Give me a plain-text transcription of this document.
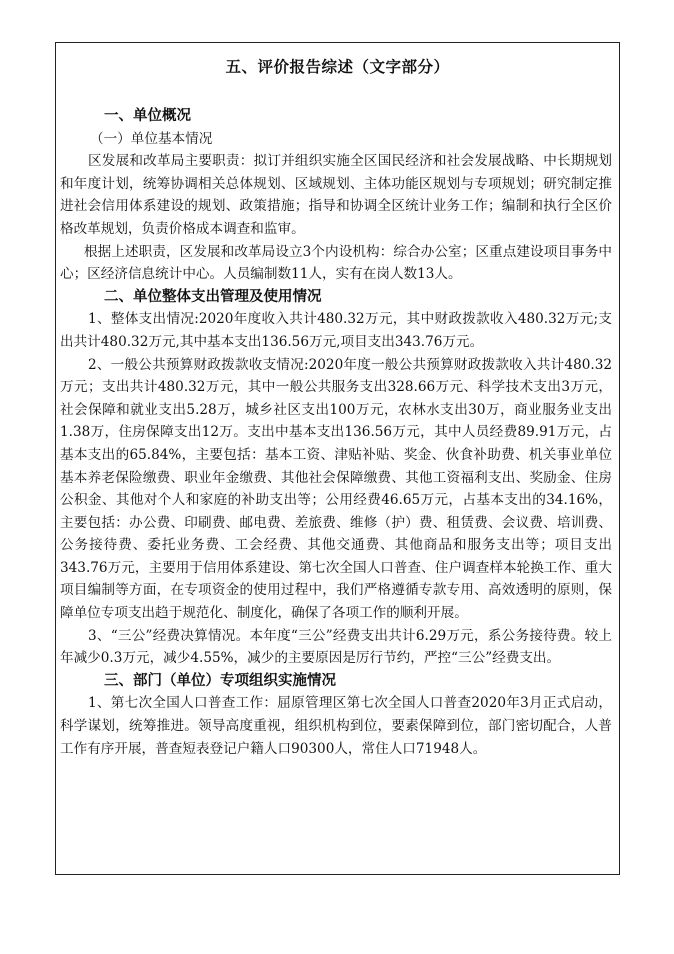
五、评价报告综述（文字部分）

一、单位概况

（一）单位基本情况

区发展和改革局主要职责：拟订并组织实施全区国民经济和社会发展战略、中长期规划和年度计划，统筹协调相关总体规划、区域规划、主体功能区规划与专项规划；研究制定推进社会信用体系建设的规划、政策措施；指导和协调全区统计业务工作；编制和执行全区价格改革规划，负责价格成本调查和监审。

根据上述职责，区发展和改革局设立3个内设机构：综合办公室；区重点建设项目事务中心；区经济信息统计中心。人员编制数11人，实有在岗人数13人。

二、单位整体支出管理及使用情况

1、整体支出情况:2020年度收入共计480.32万元，其中财政拨款收入480.32万元;支出共计480.32万元,其中基本支出136.56万元,项目支出343.76万元。

2、一般公共预算财政拨款收支情况:2020年度一般公共预算财政拨款收入共计480.32万元；支出共计480.32万元，其中一般公共服务支出328.66万元、科学技术支出3万元，社会保障和就业支出5.28万，城乡社区支出100万元，农林水支出30万，商业服务业支出1.38万，住房保障支出12万。支出中基本支出136.56万元，其中人员经费89.91万元，占基本支出的65.84%，主要包括：基本工资、津贴补贴、奖金、伙食补助费、机关事业单位基本养老保险缴费、职业年金缴费、其他社会保障缴费、其他工资福利支出、奖励金、住房公积金、其他对个人和家庭的补助支出等；公用经费46.65万元，占基本支出的34.16%，主要包括：办公费、印刷费、邮电费、差旅费、维修（护）费、租赁费、会议费、培训费、公务接待费、委托业务费、工会经费、其他交通费、其他商品和服务支出等；项目支出343.76万元，主要用于信用体系建设、第七次全国人口普查、住户调查样本轮换工作、重大项目编制等方面，在专项资金的使用过程中，我们严格遵循专款专用、高效透明的原则，保障单位专项支出趋于规范化、制度化，确保了各项工作的顺利开展。

3、“三公”经费决算情况。本年度“三公”经费支出共计6.29万元，系公务接待费。较上年减少0.3万元，减少4.55%，减少的主要原因是厉行节约，严控“三公”经费支出。

三、部门（单位）专项组织实施情况

1、第七次全国人口普查工作：屈原管理区第七次全国人口普查2020年3月正式启动，科学谋划，统筹推进。领导高度重视，组织机构到位，要素保障到位，部门密切配合，人普工作有序开展，普查短表登记户籍人口90300人，常住人口71948人。
